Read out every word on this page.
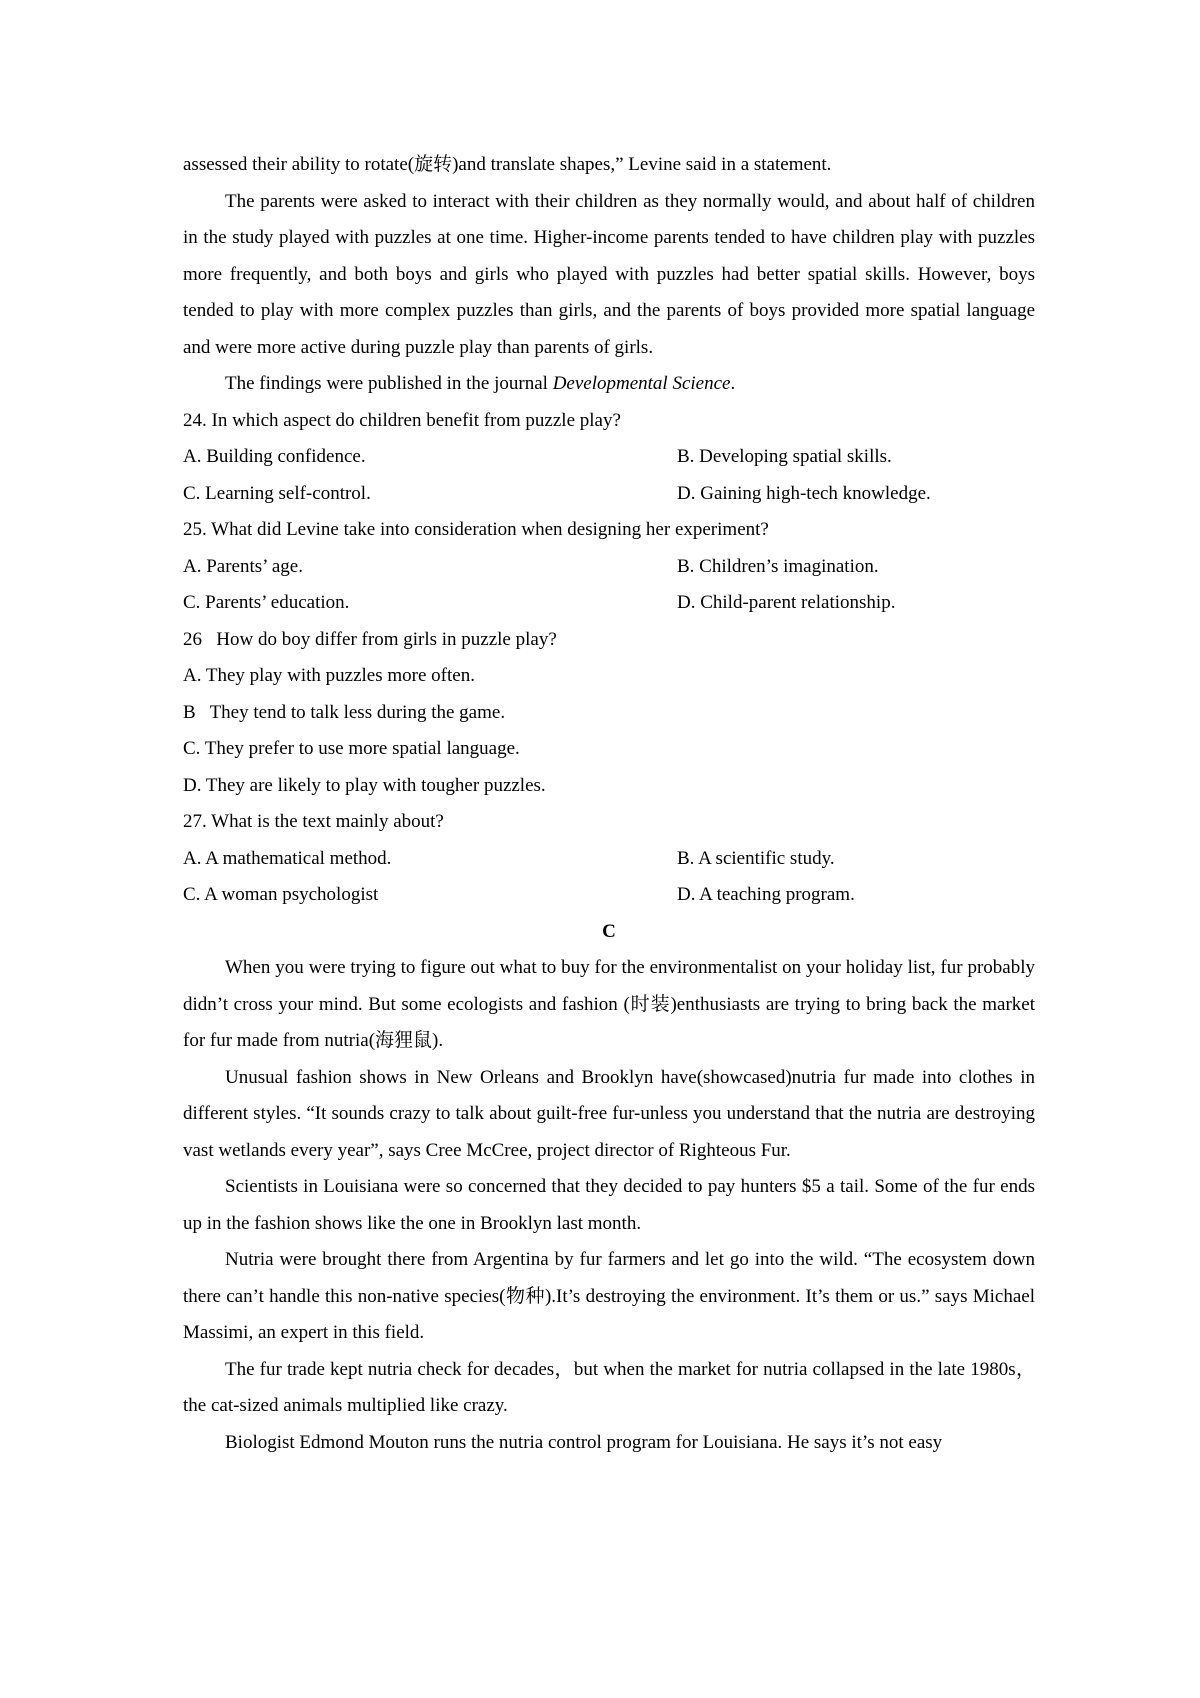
assessed their ability to rotate(旋转)and translate shapes,” Levine said in a statement.

The parents were asked to interact with their children as they normally would, and about half of children in the study played with puzzles at one time. Higher-income parents tended to have children play with puzzles more frequently, and both boys and girls who played with puzzles had better spatial skills. However, boys tended to play with more complex puzzles than girls, and the parents of boys provided more spatial language and were more active during puzzle play than parents of girls.

The findings were published in the journal Developmental Science.

24. In which aspect do children benefit from puzzle play?
A. Building confidence.	B. Developing spatial skills.
C. Learning self-control.	D. Gaining high-tech knowledge.
25. What did Levine take into consideration when designing her experiment?
A. Parents’ age.	B. Children’s imagination.
C. Parents’ education.	D. Child-parent relationship.
26   How do boy differ from girls in puzzle play?
A. They play with puzzles more often.
B   They tend to talk less during the game.
C. They prefer to use more spatial language.
D. They are likely to play with tougher puzzles.
27. What is the text mainly about?
A. A mathematical method.	B. A scientific study.
C. A woman psychologist	D. A teaching program.
C

When you were trying to figure out what to buy for the environmentalist on your holiday list, fur probably didn’t cross your mind. But some ecologists and fashion (时装)enthusiasts are trying to bring back the market for fur made from nutria(海狸鼠).

Unusual fashion shows in New Orleans and Brooklyn have(showcased)nutria fur made into clothes in different styles. “It sounds crazy to talk about guilt-free fur-unless you understand that the nutria are destroying vast wetlands every year”, says Cree McCree, project director of Righteous Fur.

Scientists in Louisiana were so concerned that they decided to pay hunters $5 a tail. Some of the fur ends up in the fashion shows like the one in Brooklyn last month.

Nutria were brought there from Argentina by fur farmers and let go into the wild. “The ecosystem down there can’t handle this non-native species(物种).It’s destroying the environment. It’s them or us.” says Michael Massimi, an expert in this field.

The fur trade kept nutria check for decades，but when the market for nutria collapsed in the late 1980s，the cat-sized animals multiplied like crazy.

Biologist Edmond Mouton runs the nutria control program for Louisiana. He says it’s not easy
